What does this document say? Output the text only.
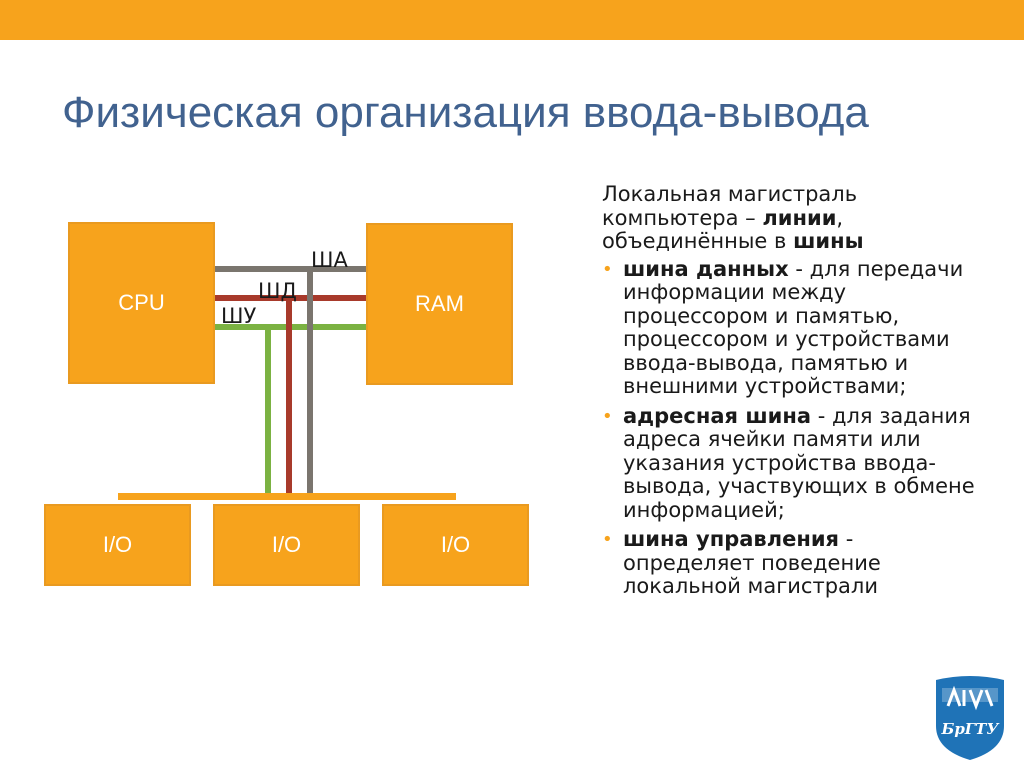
Физическая организация ввода-вывода
CPU	RAM
I/O	I/O	I/O
ША
ШД
ШУ

Локальная магистраль компьютера – линии, объединённые в шины

• шина данных - для передачи информации между процессором и памятью, процессором и устройствами ввода-вывода, памятью и внешними устройствами;
• адресная шина - для задания адреса ячейки памяти или указания устройства ввода-вывода, участвующих в обмене информацией;
• шина управления - определяет поведение локальной магистрали
БрГТУ
